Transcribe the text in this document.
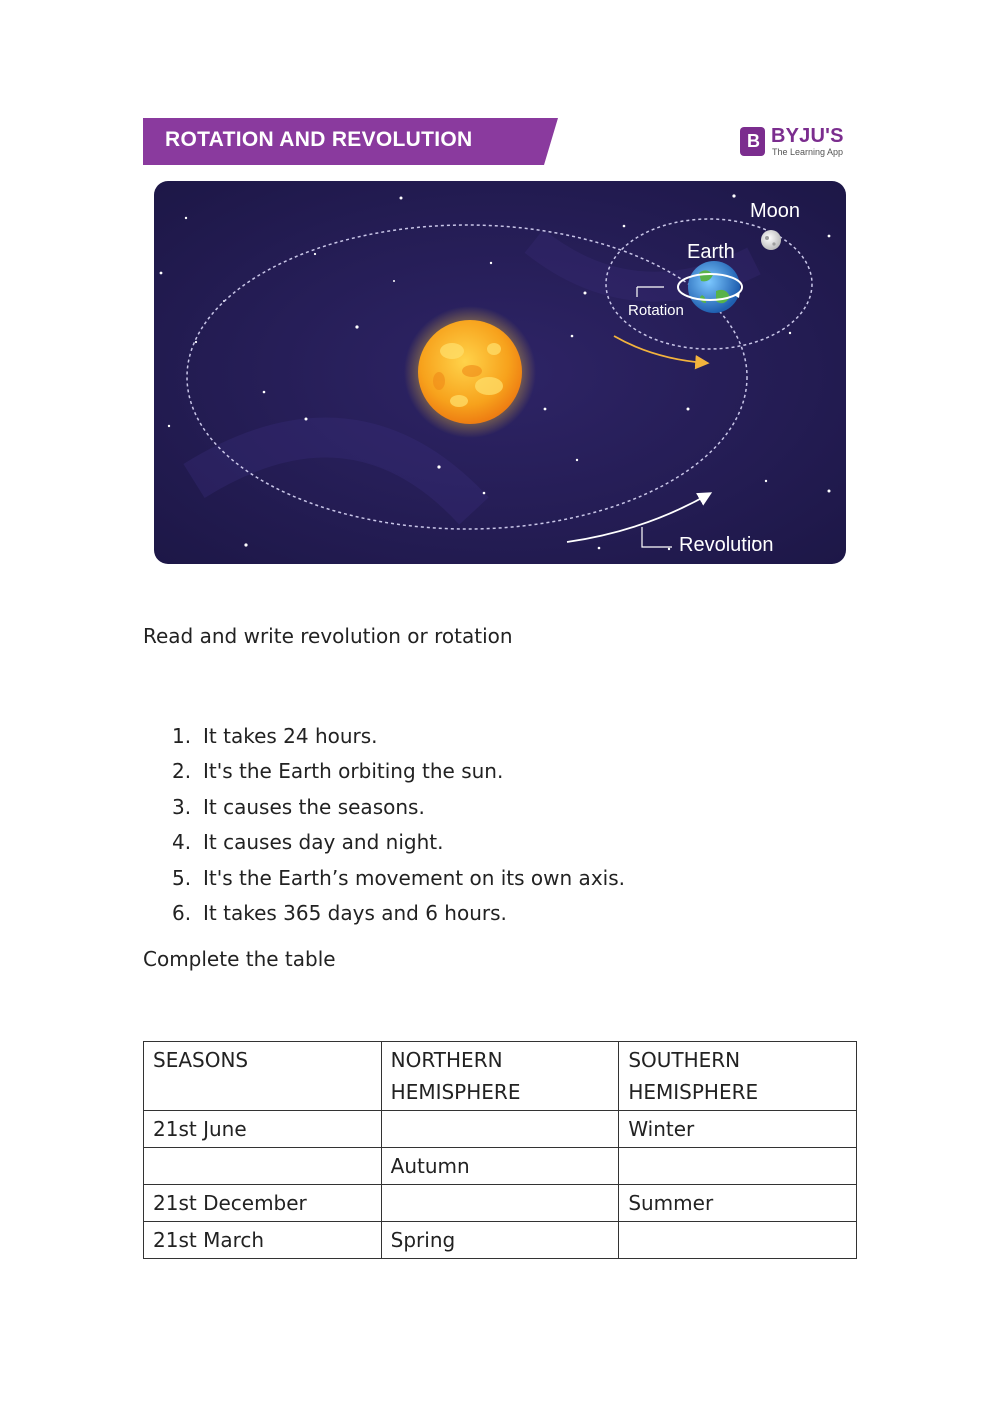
ROTATION AND REVOLUTION	B BYJU'S
The Learning App
Moon
Earth
Rotation
Revolution
Read and write revolution or rotation
1. It takes 24 hours.
2. It's the Earth orbiting the sun.
3. It causes the seasons.
4. It causes day and night.
5. It's the Earth’s movement on its own axis.
6. It takes 365 days and 6 hours.
Complete the table
SEASONS	NORTHERN HEMISPHERE	SOUTHERN HEMISPHERE
21st June		Winter
	Autumn	
21st December		Summer
21st March	Spring	
